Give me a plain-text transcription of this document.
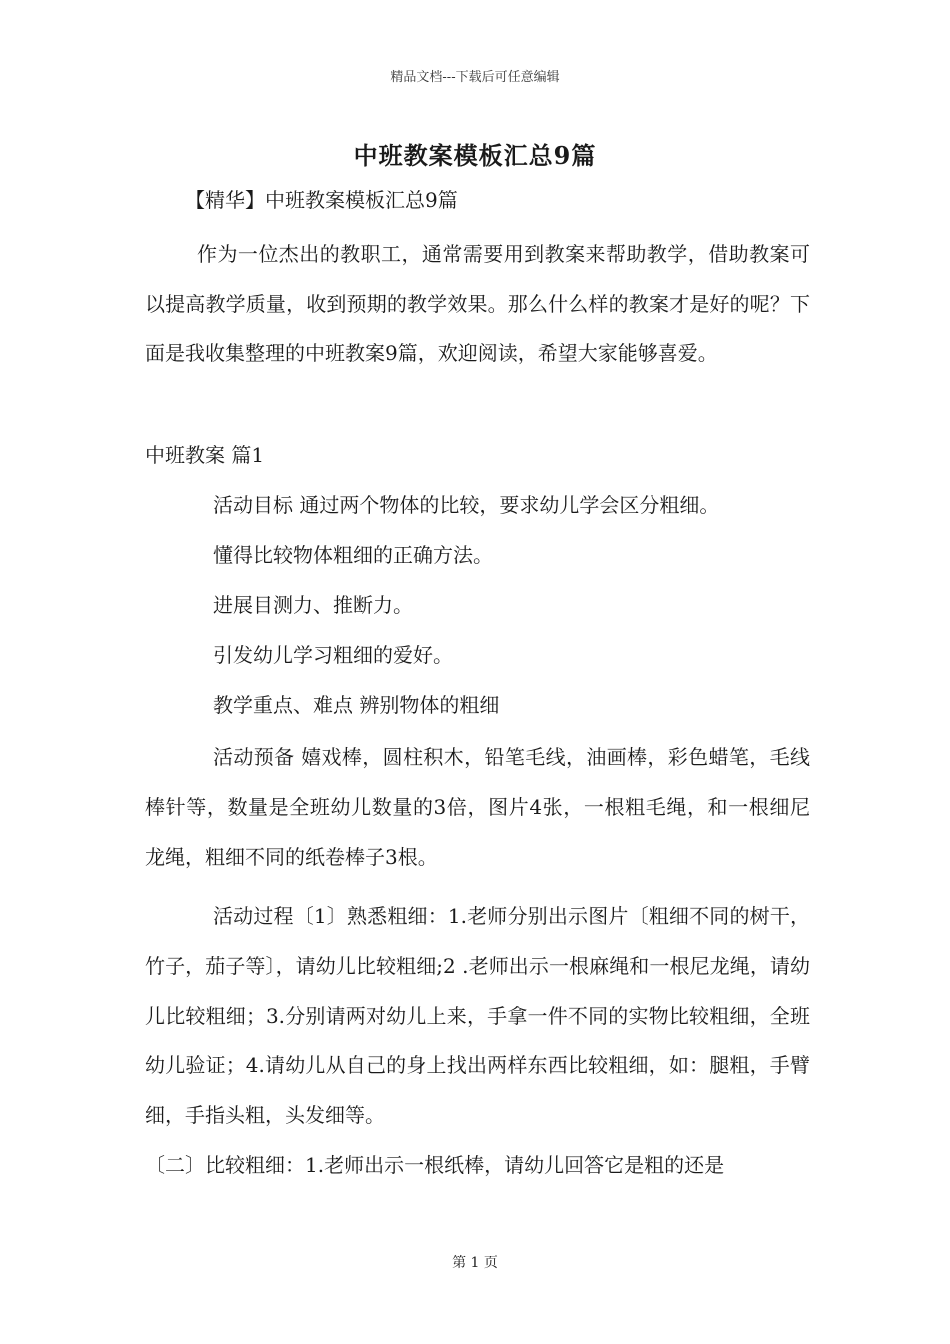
精品文档---下载后可任意编辑
中班教案模板汇总9篇

【精华】中班教案模板汇总9篇

作为一位杰出的教职工，通常需要用到教案来帮助教学，借助教案可以提高教学质量，收到预期的教学效果。那么什么样的教案才是好的呢？下面是我收集整理的中班教案9篇，欢迎阅读，希望大家能够喜爱。

中班教案 篇1

活动目标 通过两个物体的比较，要求幼儿学会区分粗细。

懂得比较物体粗细的正确方法。

进展目测力、推断力。

引发幼儿学习粗细的爱好。

教学重点、难点 辨别物体的粗细

活动预备 嬉戏棒，圆柱积木，铅笔毛线，油画棒，彩色蜡笔，毛线棒针等，数量是全班幼儿数量的3倍，图片4张，一根粗毛绳，和一根细尼龙绳，粗细不同的纸卷棒子3根。

活动过程〔1〕熟悉粗细：1.老师分别出示图片〔粗细不同的树干，竹子，茄子等〕，请幼儿比较粗细;2 .老师出示一根麻绳和一根尼龙绳，请幼儿比较粗细；3.分别请两对幼儿上来，手拿一件不同的实物比较粗细，全班幼儿验证；4.请幼儿从自己的身上找出两样东西比较粗细，如：腿粗，手臂细，手指头粗，头发细等。

〔二〕比较粗细：1.老师出示一根纸棒，请幼儿回答它是粗的还是

第 1 页
